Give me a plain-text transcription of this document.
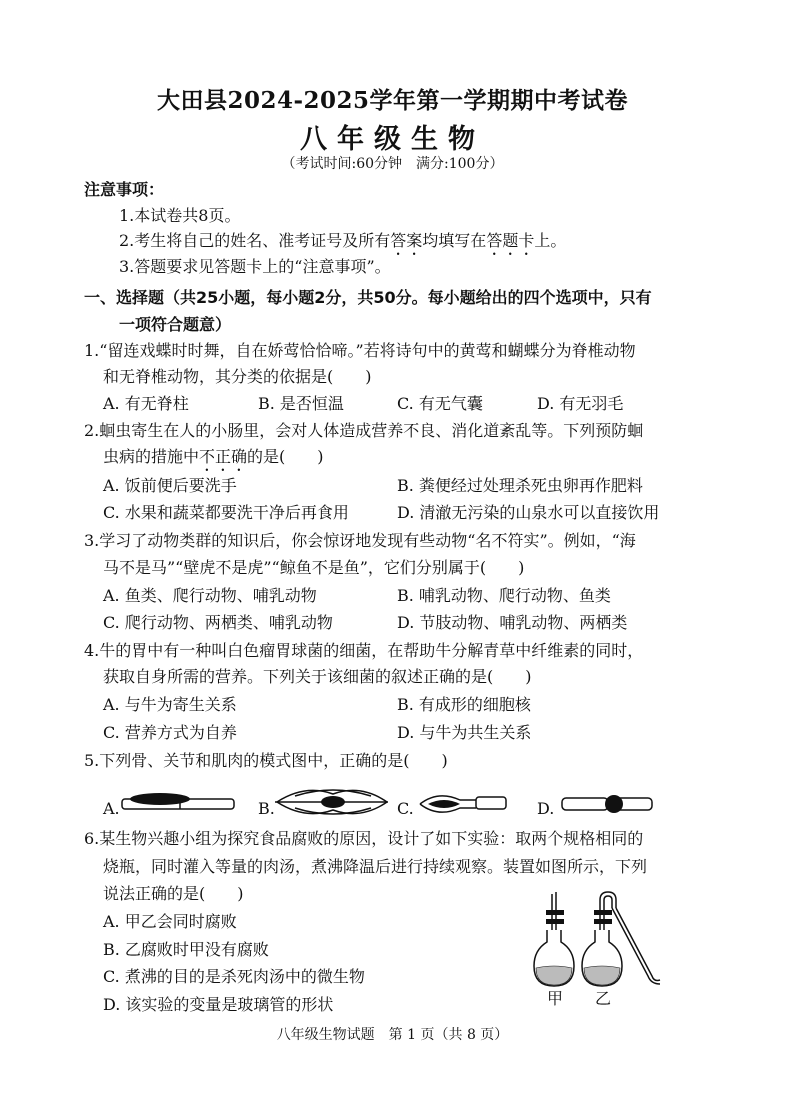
大田县2024-2025学年第一学期期中考试卷
八年级生物
（考试时间:60分钟　满分:100分）
注意事项：
1.本试卷共8页。
2.考生将自己的姓名、准考证号及所有答案均填写在答题卡上。
3.答题要求见答题卡上的“注意事项”。
一、选择题（共25小题，每小题2分，共50分。每小题给出的四个选项中，只有
一项符合题意）
1.“留连戏蝶时时舞，自在娇莺恰恰啼。”若将诗句中的黄莺和蝴蝶分为脊椎动物
和无脊椎动物，其分类的依据是(　　)
A. 有无脊柱	B. 是否恒温	C. 有无气囊	D. 有无羽毛
2.蛔虫寄生在人的小肠里，会对人体造成营养不良、消化道紊乱等。下列预防蛔
虫病的措施中不正确的是(　　)
A. 饭前便后要洗手	B. 粪便经过处理杀死虫卵再作肥料
C. 水果和蔬菜都要洗干净后再食用	D. 清澈无污染的山泉水可以直接饮用
3.学习了动物类群的知识后，你会惊讶地发现有些动物“名不符实”。例如，“海
马不是马”“壁虎不是虎”“鲸鱼不是鱼”，它们分别属于(　　)
A. 鱼类、爬行动物、哺乳动物	B. 哺乳动物、爬行动物、鱼类
C. 爬行动物、两栖类、哺乳动物	D. 节肢动物、哺乳动物、两栖类
4.牛的胃中有一种叫白色瘤胃球菌的细菌，在帮助牛分解青草中纤维素的同时，
获取自身所需的营养。下列关于该细菌的叙述正确的是(　　)
A. 与牛为寄生关系	B. 有成形的细胞核
C. 营养方式为自养	D. 与牛为共生关系
5.下列骨、关节和肌肉的模式图中，正确的是(　　)
A.	B.	C.	D.
6.某生物兴趣小组为探究食品腐败的原因，设计了如下实验：取两个规格相同的
烧瓶，同时灌入等量的肉汤，煮沸降温后进行持续观察。装置如图所示，下列
说法正确的是(　　)
A. 甲乙会同时腐败
B. 乙腐败时甲没有腐败
C. 煮沸的目的是杀死肉汤中的微生物
D. 该实验的变量是玻璃管的形状	甲 乙
八年级生物试题　第 1 页（共 8 页）
